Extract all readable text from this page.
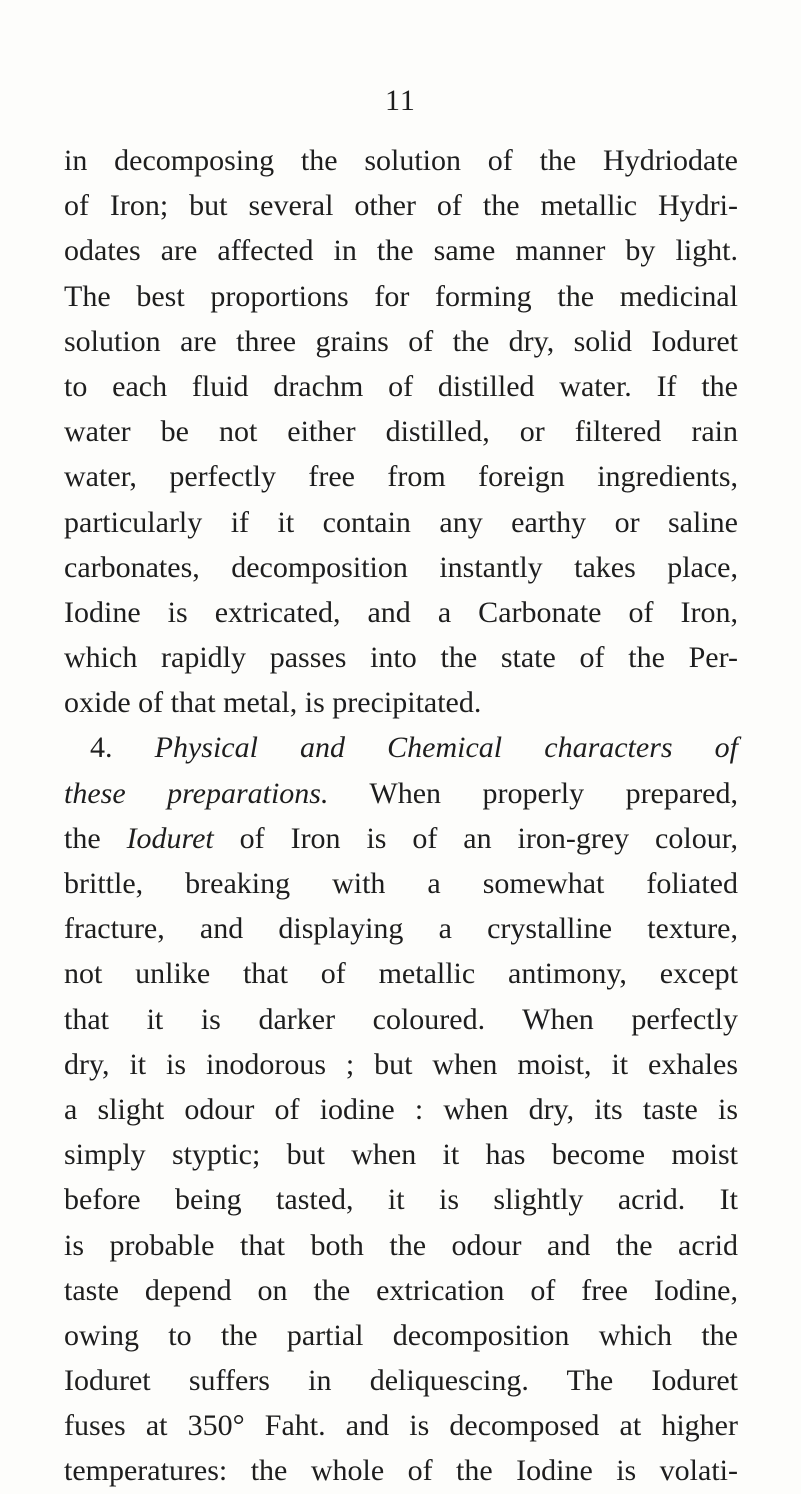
11
in decomposing the solution of the Hydriodate
of Iron; but several other of the metallic Hydri-
odates are affected in the same manner by light.
The best proportions for forming the medicinal
solution are three grains of the dry, solid Ioduret
to each fluid drachm of distilled water. If the
water be not either distilled, or filtered rain
water, perfectly free from foreign ingredients,
particularly if it contain any earthy or saline
carbonates, decomposition instantly takes place,
Iodine is extricated, and a Carbonate of Iron,
which rapidly passes into the state of the Per-
oxide of that metal, is precipitated.
4. Physical and Chemical characters of
these preparations. When properly prepared,
the Ioduret of Iron is of an iron-grey colour,
brittle, breaking with a somewhat foliated
fracture, and displaying a crystalline texture,
not unlike that of metallic antimony, except
that it is darker coloured. When perfectly
dry, it is inodorous ; but when moist, it exhales
a slight odour of iodine : when dry, its taste is
simply styptic; but when it has become moist
before being tasted, it is slightly acrid. It
is probable that both the odour and the acrid
taste depend on the extrication of free Iodine,
owing to the partial decomposition which the
Ioduret suffers in deliquescing. The Ioduret
fuses at 350° Faht. and is decomposed at higher
temperatures: the whole of the Iodine is volati-
